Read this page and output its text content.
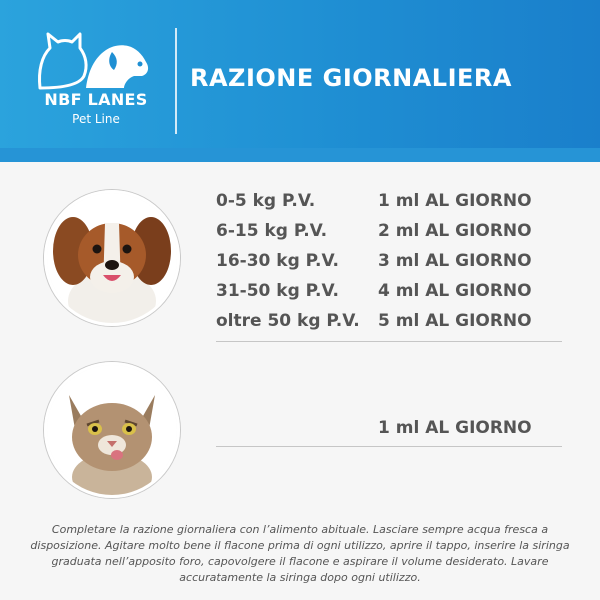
NBF LANES
Pet Line
RAZIONE GIORNALIERA
0-5 kg P.V.	1 ml AL GIORNO
6-15 kg P.V.	2 ml AL GIORNO
16-30 kg P.V. 3 ml AL GIORNO
31-50 kg P.V. 4 ml AL GIORNO
oltre 50 kg P.V. 5 ml AL GIORNO
1 ml AL GIORNO
Completare la razione giornaliera con l’alimento abituale. Lasciare sempre acqua fresca a disposizione. Agitare molto bene il flacone prima di ogni utilizzo, aprire il tappo, inserire la siringa graduata nell’apposito foro, capovolgere il flacone e aspirare il volume desiderato. Lavare accuratamente la siringa dopo ogni utilizzo.
